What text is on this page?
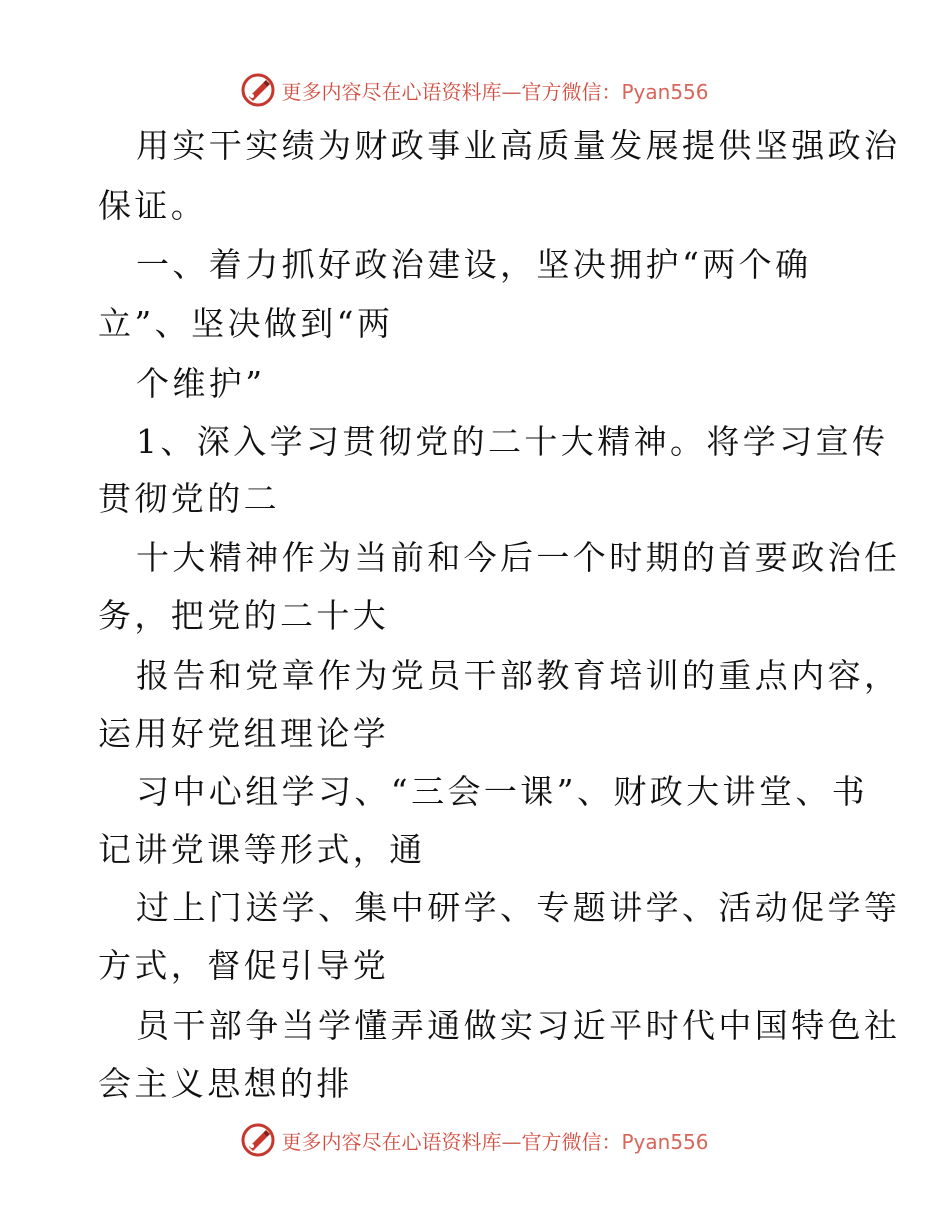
更多内容尽在心语资料库—官方微信：Pyan556
用实干实绩为财政事业高质量发展提供坚强政治
保证。
一、着力抓好政治建设，坚决拥护“两个确
立”、坚决做到“两
个维护”
1、深入学习贯彻党的二十大精神。将学习宣传
贯彻党的二
十大精神作为当前和今后一个时期的首要政治任
务，把党的二十大
报告和党章作为党员干部教育培训的重点内容，
运用好党组理论学
习中心组学习、“三会一课”、财政大讲堂、书
记讲党课等形式，通
过上门送学、集中研学、专题讲学、活动促学等
方式，督促引导党
员干部争当学懂弄通做实习近平时代中国特色社
会主义思想的排
更多内容尽在心语资料库—官方微信：Pyan556
